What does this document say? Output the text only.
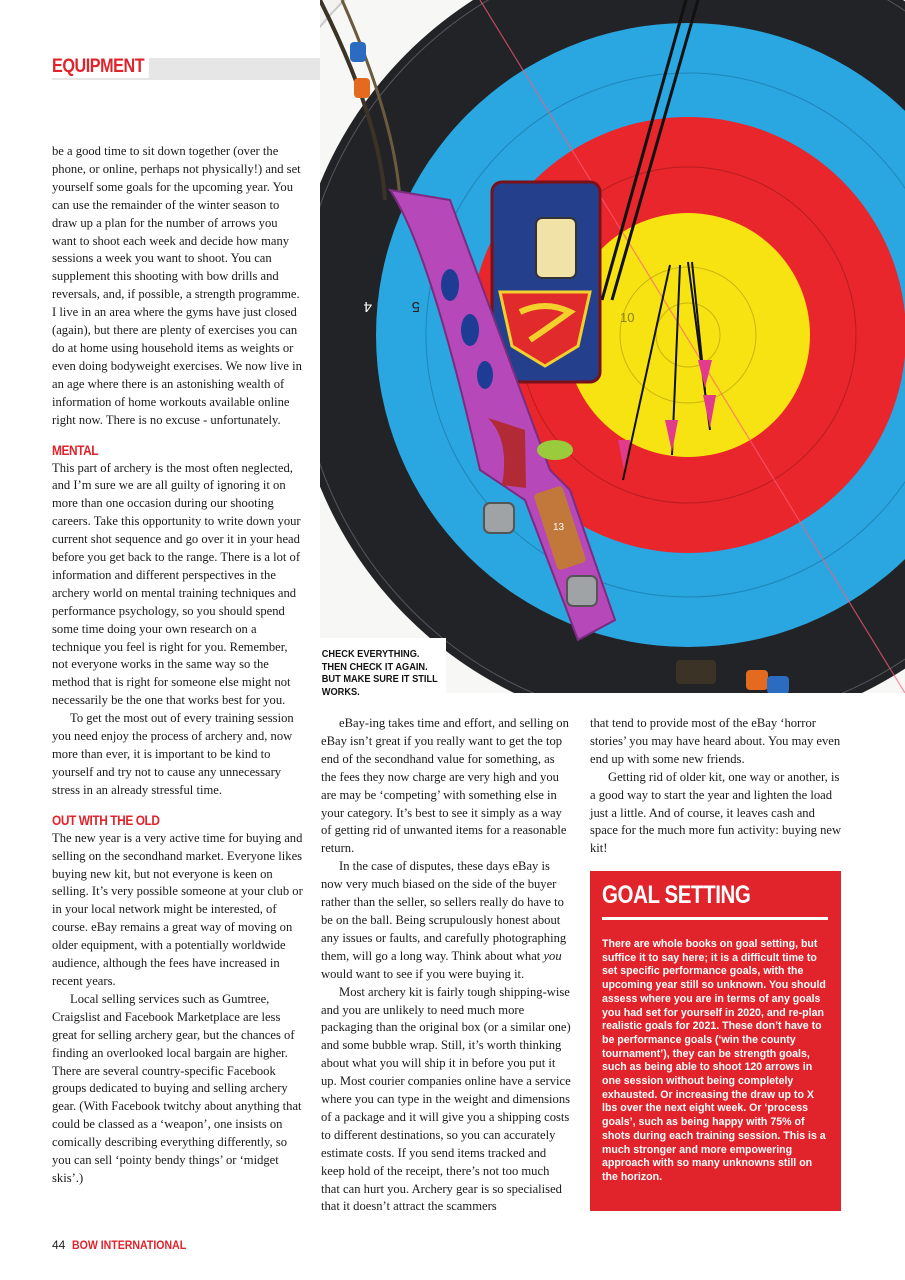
EQUIPMENT

be a good time to sit down together (over the phone, or online, perhaps not physically!) and set yourself some goals for the upcoming year. You can use the remainder of the winter season to draw up a plan for the number of arrows you want to shoot each week and decide how many sessions a week you want to shoot. You can supplement this shooting with bow drills and reversals, and, if possible, a strength programme. I live in an area where the gyms have just closed (again), but there are plenty of exercises you can do at home using household items as weights or even doing bodyweight exercises. We now live in an age where there is an astonishing wealth of information of home workouts available online right now. There is no excuse - unfortunately.

MENTAL

This part of archery is the most often neglected, and I’m sure we are all guilty of ignoring it on more than one occasion during our shooting careers. Take this opportunity to write down your current shot sequence and go over it in your head before you get back to the range. There is a lot of information and different perspectives in the archery world on mental training techniques and performance psychology, so you should spend some time doing your own research on a technique you feel is right for you. Remember, not everyone works in the same way so the method that is right for someone else might not necessarily be the one that works best for you.

To get the most out of every training session you need enjoy the process of archery and, now more than ever, it is important to be kind to yourself and try not to cause any unnecessary stress in an already stressful time.

OUT WITH THE OLD

The new year is a very active time for buying and selling on the secondhand market. Everyone likes buying new kit, but not everyone is keen on selling. It’s very possible someone at your club or in your local network might be interested, of course. eBay remains a great way of moving on older equipment, with a potentially worldwide audience, although the fees have increased in recent years.

Local selling services such as Gumtree, Craigslist and Facebook Marketplace are less great for selling archery gear, but the chances of finding an overlooked local bargain are higher. There are several country-specific Facebook groups dedicated to buying and selling archery gear. (With Facebook twitchy about anything that could be classed as a ‘weapon’, one insists on comically describing everything differently, so you can sell ‘pointy bendy things’ or ‘midget skis’.)

5
4
10
13
CHECK EVERYTHING. THEN CHECK IT AGAIN. BUT MAKE SURE IT STILL WORKS.

eBay-ing takes time and effort, and selling on eBay isn’t great if you really want to get the top end of the secondhand value for something, as the fees they now charge are very high and you are may be ‘competing’ with something else in your category. It’s best to see it simply as a way of getting rid of unwanted items for a reasonable return.

In the case of disputes, these days eBay is now very much biased on the side of the buyer rather than the seller, so sellers really do have to be on the ball. Being scrupulously honest about any issues or faults, and carefully photographing them, will go a long way. Think about what you would want to see if you were buying it.

Most archery kit is fairly tough shipping-wise and you are unlikely to need much more packaging than the original box (or a similar one) and some bubble wrap. Still, it’s worth thinking about what you will ship it in before you put it up. Most courier companies online have a service where you can type in the weight and dimensions of a package and it will give you a shipping costs to different destinations, so you can accurately estimate costs. If you send items tracked and keep hold of the receipt, there’s not too much that can hurt you. Archery gear is so specialised that it doesn’t attract the scammers

that tend to provide most of the eBay ‘horror stories’ you may have heard about. You may even end up with some new friends.

Getting rid of older kit, one way or another, is a good way to start the year and lighten the load just a little. And of course, it leaves cash and space for the much more fun activity: buying new kit!

GOAL SETTING
There are whole books on goal setting, but suffice it to say here; it is a difficult time to set specific performance goals, with the upcoming year still so unknown. You should assess where you are in terms of any goals you had set for yourself in 2020, and re-plan realistic goals for 2021. These don’t have to be performance goals (‘win the county tournament’), they can be strength goals, such as being able to shoot 120 arrows in one session without being completely exhausted. Or increasing the draw up to X lbs over the next eight week. Or ‘process goals’, such as being happy with 75% of shots during each training session. This is a much stronger and more empowering approach with so many unknowns still on the horizon.
44 BOW INTERNATIONAL
